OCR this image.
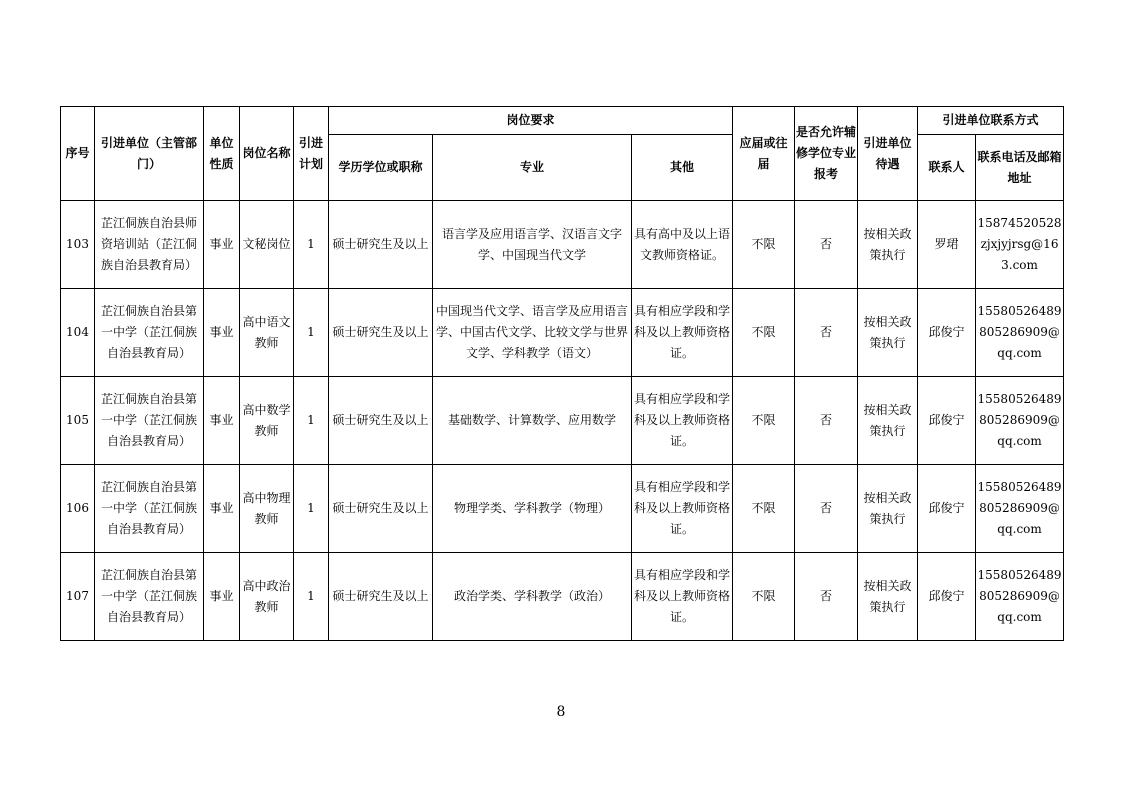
序号	引进单位（主管部门）	单位性质	岗位名称	引进计划	岗位要求			应届或往届	是否允许辅修学位专业报考	引进单位待遇	引进单位联系方式	
					学历学位或职称	专业	其他				联系人	联系电话及邮箱地址
103	芷江侗族自治县师资培训站（芷江侗族自治县教育局）	事业	文秘岗位	1	硕士研究生及以上	语言学及应用语言学、汉语言文字学、中国现当代文学	具有高中及以上语文教师资格证。	不限	否	按相关政策执行	罗珺	15874520528zjxjyjrsg@163.com
104	芷江侗族自治县第一中学（芷江侗族自治县教育局）	事业	高中语文教师	1	硕士研究生及以上	中国现当代文学、语言学及应用语言学、中国古代文学、比较文学与世界文学、学科教学（语文）	具有相应学段和学科及以上教师资格证。	不限	否	按相关政策执行	邱俊宁	15580526489805286909@qq.com
105	芷江侗族自治县第一中学（芷江侗族自治县教育局）	事业	高中数学教师	1	硕士研究生及以上	基础数学、计算数学、应用数学	具有相应学段和学科及以上教师资格证。	不限	否	按相关政策执行	邱俊宁	15580526489805286909@qq.com
106	芷江侗族自治县第一中学（芷江侗族自治县教育局）	事业	高中物理教师	1	硕士研究生及以上	物理学类、学科教学（物理）	具有相应学段和学科及以上教师资格证。	不限	否	按相关政策执行	邱俊宁	15580526489805286909@qq.com
107	芷江侗族自治县第一中学（芷江侗族自治县教育局）	事业	高中政治教师	1	硕士研究生及以上	政治学类、学科教学（政治）	具有相应学段和学科及以上教师资格证。	不限	否	按相关政策执行	邱俊宁	15580526489805286909@qq.com
8
